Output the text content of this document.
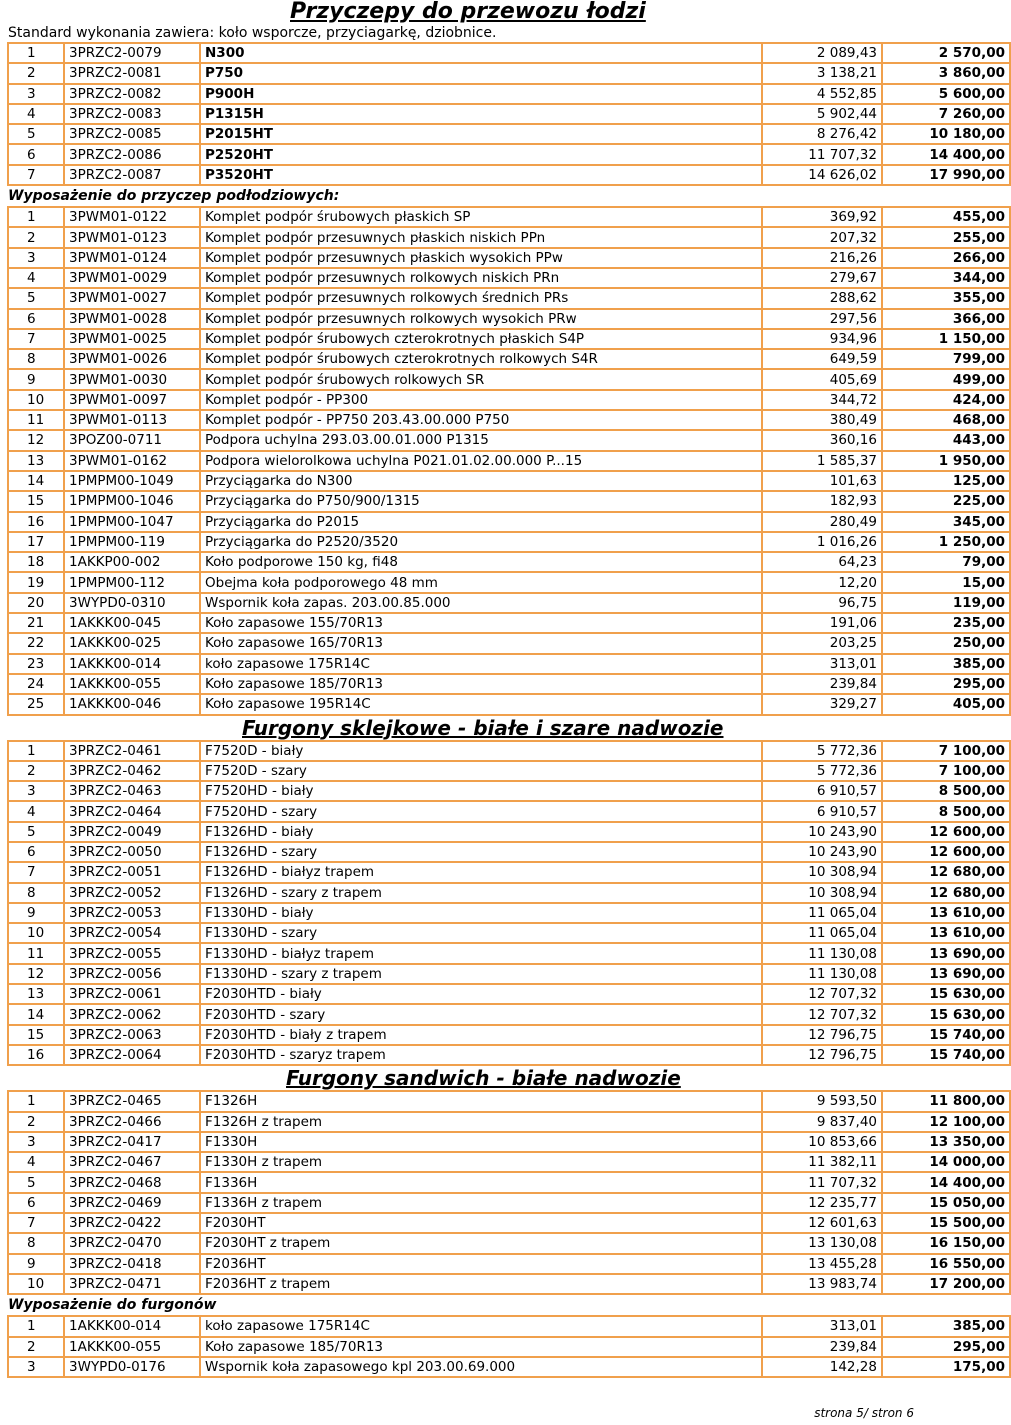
Przyczepy do przewozu łodzi
Standard wykonania zawiera: koło wsporcze, przyciagarkę, dziobnice.
1	3PRZC2-0079	N300	2 089,43	2 570,00
2	3PRZC2-0081	P750	3 138,21	3 860,00
3	3PRZC2-0082	P900H	4 552,85	5 600,00
4	3PRZC2-0083	P1315H	5 902,44	7 260,00
5	3PRZC2-0085	P2015HT	8 276,42	10 180,00
6	3PRZC2-0086	P2520HT	11 707,32	14 400,00
7	3PRZC2-0087	P3520HT	14 626,02	17 990,00
Wyposażenie do przyczep podłodziowych:
1	3PWM01-0122	Komplet podpór śrubowych płaskich SP	369,92	455,00
2	3PWM01-0123	Komplet podpór przesuwnych płaskich niskich PPn	207,32	255,00
3	3PWM01-0124	Komplet podpór przesuwnych płaskich wysokich PPw	216,26	266,00
4	3PWM01-0029	Komplet podpór przesuwnych rolkowych niskich PRn	279,67	344,00
5	3PWM01-0027	Komplet podpór przesuwnych rolkowych średnich PRs	288,62	355,00
6	3PWM01-0028	Komplet podpór przesuwnych rolkowych wysokich PRw	297,56	366,00
7	3PWM01-0025	Komplet podpór śrubowych czterokrotnych płaskich S4P	934,96	1 150,00
8	3PWM01-0026	Komplet podpór śrubowych czterokrotnych rolkowych S4R	649,59	799,00
9	3PWM01-0030	Komplet podpór śrubowych rolkowych SR	405,69	499,00
10	3PWM01-0097	Komplet podpór - PP300	344,72	424,00
11	3PWM01-0113	Komplet podpór - PP750 203.43.00.000 P750	380,49	468,00
12	3POZ00-0711	Podpora uchylna 293.03.00.01.000 P1315	360,16	443,00
13	3PWM01-0162	Podpora wielorolkowa uchylna P021.01.02.00.000 P...15	1 585,37	1 950,00
14	1PMPM00-1049	Przyciągarka do N300	101,63	125,00
15	1PMPM00-1046	Przyciągarka do P750/900/1315	182,93	225,00
16	1PMPM00-1047	Przyciągarka do P2015	280,49	345,00
17	1PMPM00-119	Przyciągarka do P2520/3520	1 016,26	1 250,00
18	1AKKP00-002	Koło podporowe 150 kg, fi48	64,23	79,00
19	1PMPM00-112	Obejma koła podporowego 48 mm	12,20	15,00
20	3WYPD0-0310	Wspornik koła zapas. 203.00.85.000	96,75	119,00
21	1AKKK00-045	Koło zapasowe 155/70R13	191,06	235,00
22	1AKKK00-025	Koło zapasowe 165/70R13	203,25	250,00
23	1AKKK00-014	koło zapasowe 175R14C	313,01	385,00
24	1AKKK00-055	Koło zapasowe 185/70R13	239,84	295,00
25	1AKKK00-046	Koło zapasowe 195R14C	329,27	405,00
Furgony sklejkowe - białe i szare nadwozie
1	3PRZC2-0461	F7520D - biały	5 772,36	7 100,00
2	3PRZC2-0462	F7520D - szary	5 772,36	7 100,00
3	3PRZC2-0463	F7520HD - biały	6 910,57	8 500,00
4	3PRZC2-0464	F7520HD - szary	6 910,57	8 500,00
5	3PRZC2-0049	F1326HD - biały	10 243,90	12 600,00
6	3PRZC2-0050	F1326HD - szary	10 243,90	12 600,00
7	3PRZC2-0051	F1326HD - białyz trapem	10 308,94	12 680,00
8	3PRZC2-0052	F1326HD - szary z trapem	10 308,94	12 680,00
9	3PRZC2-0053	F1330HD - biały	11 065,04	13 610,00
10	3PRZC2-0054	F1330HD - szary	11 065,04	13 610,00
11	3PRZC2-0055	F1330HD - białyz trapem	11 130,08	13 690,00
12	3PRZC2-0056	F1330HD - szary z trapem	11 130,08	13 690,00
13	3PRZC2-0061	F2030HTD - biały	12 707,32	15 630,00
14	3PRZC2-0062	F2030HTD - szary	12 707,32	15 630,00
15	3PRZC2-0063	F2030HTD - biały z trapem	12 796,75	15 740,00
16	3PRZC2-0064	F2030HTD - szaryz trapem	12 796,75	15 740,00
Furgony sandwich - białe nadwozie
1	3PRZC2-0465	F1326H	9 593,50	11 800,00
2	3PRZC2-0466	F1326H z trapem	9 837,40	12 100,00
3	3PRZC2-0417	F1330H	10 853,66	13 350,00
4	3PRZC2-0467	F1330H z trapem	11 382,11	14 000,00
5	3PRZC2-0468	F1336H	11 707,32	14 400,00
6	3PRZC2-0469	F1336H z trapem	12 235,77	15 050,00
7	3PRZC2-0422	F2030HT	12 601,63	15 500,00
8	3PRZC2-0470	F2030HT z trapem	13 130,08	16 150,00
9	3PRZC2-0418	F2036HT	13 455,28	16 550,00
10	3PRZC2-0471	F2036HT z trapem	13 983,74	17 200,00
Wyposażenie do furgonów
1	1AKKK00-014	koło zapasowe 175R14C	313,01	385,00
2	1AKKK00-055	Koło zapasowe 185/70R13	239,84	295,00
3	3WYPD0-0176	Wspornik koła zapasowego kpl 203.00.69.000	142,28	175,00
strona 5/ stron 6
